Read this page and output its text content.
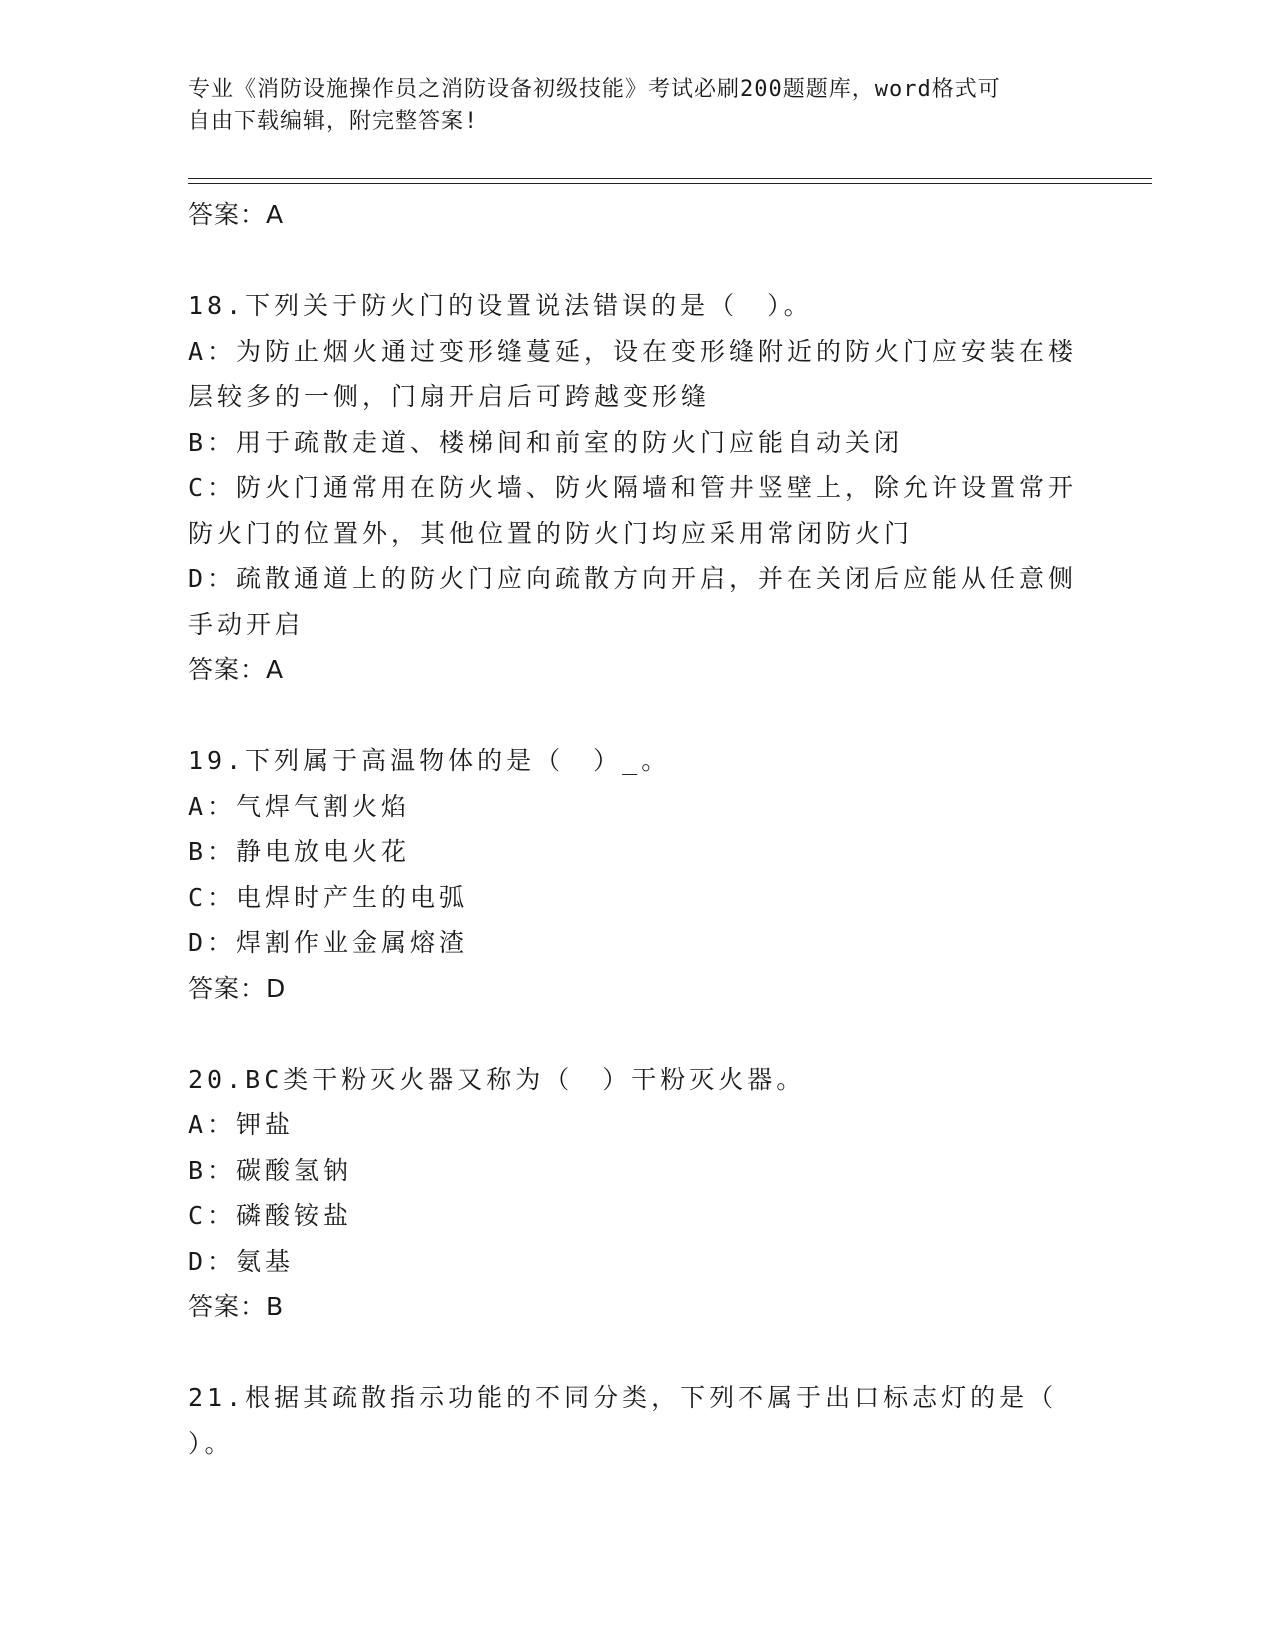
专业《消防设施操作员之消防设备初级技能》考试必刷200题题库，word格式可
自由下载编辑，附完整答案!
答案：A
18.下列关于防火门的设置说法错误的是（　）。
A：为防止烟火通过变形缝蔓延，设在变形缝附近的防火门应安装在楼
层较多的一侧，门扇开启后可跨越变形缝
B：用于疏散走道、楼梯间和前室的防火门应能自动关闭
C：防火门通常用在防火墙、防火隔墙和管井竖壁上，除允许设置常开
防火门的位置外，其他位置的防火门均应采用常闭防火门
D：疏散通道上的防火门应向疏散方向开启，并在关闭后应能从任意侧
手动开启
答案：A
19.下列属于高温物体的是（　）_。
A：气焊气割火焰
B：静电放电火花
C：电焊时产生的电弧
D：焊割作业金属熔渣
答案：D
20.BC类干粉灭火器又称为（　）干粉灭火器。
A：钾盐
B：碳酸氢钠
C：磷酸铵盐
D：氨基
答案：B
21.根据其疏散指示功能的不同分类，下列不属于出口标志灯的是（
）。
